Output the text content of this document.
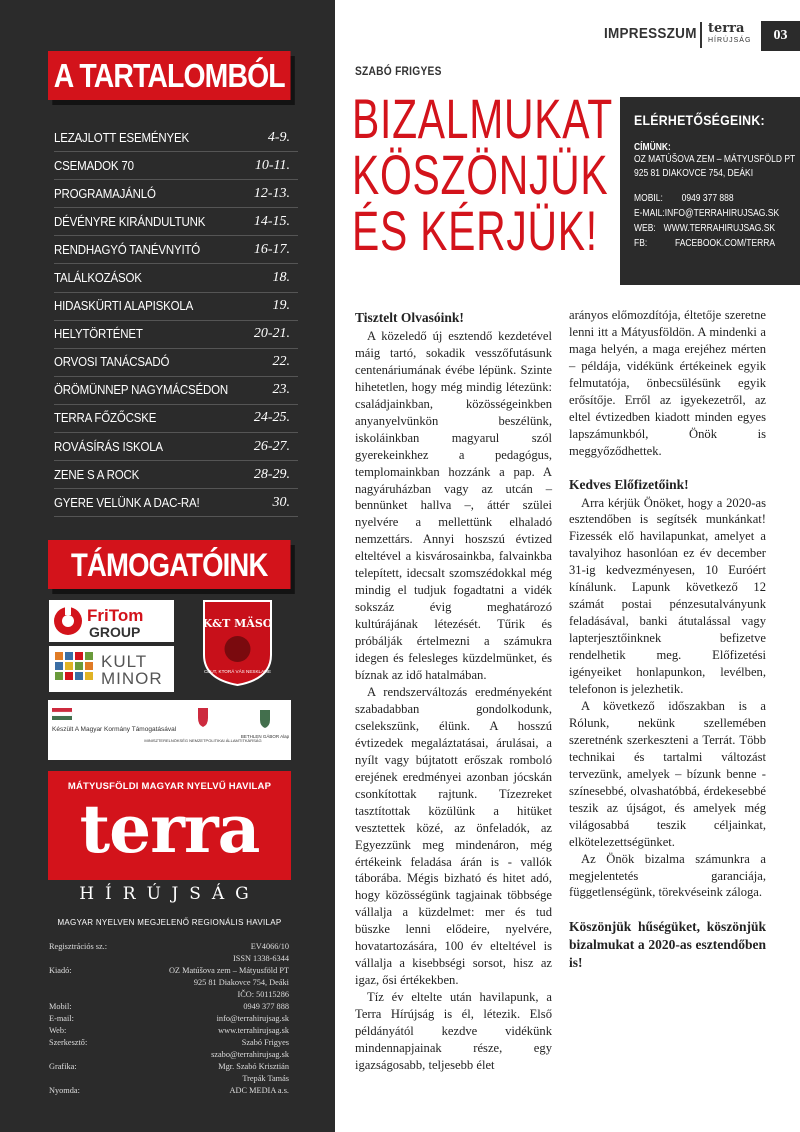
A TARTALOMBÓL
LEZAJLOTT ESEMÉNYEK	4-9.
CSEMADOK 70	10-11.
PROGRAMAJÁNLÓ	12-13.
DÉVÉNYRE KIRÁNDULTUNK	14-15.
RENDHAGYÓ TANÉVNYITÓ	16-17.
TALÁLKOZÁSOK	18.
HIDASKÜRTI ALAPISKOLA	19.
HELYTÖRTÉNET	20-21.
ORVOSI TANÁCSADÓ	22.
ÖRÖMÜNNEP NAGYMÁCSÉDON	23.
TERRA FŐZŐCSKE	24-25.
ROVÁSÍRÁS ISKOLA	26-27.
ZENE S A ROCK	28-29.
GYERE VELÜNK A DAC-RA!	30.
TÁMOGATÓINK
FriTom
GROUP
KULT
MINOR
K&T MÄSO
CBUT, KTORÁ VÁS NESKLAME
Készült A Magyar Kormány Támogatásával
MINISZTERELNÖKSÉG NEMZETPOLITIKAI ÁLLAMTITKÁRSÁG
BETHLEN GÁBOR Alap
MÁTYUSFÖLDI MAGYAR NYELVŰ HAVILAP
terra
HÍRÚJSÁG
MAGYAR NYELVEN MEGJELENŐ REGIONÁLIS HAVILAP
Regisztrációs sz.:	EV4066/10
ISSN 1338-6344
Kiadó:	OZ Matúšova zem – Mátyusföld PT
925 81 Diakovce 754, Deáki
IČO: 50115286
Mobil:	0949 377 888
E-mail:	info@terrahirujsag.sk
Web:	www.terrahirujsag.sk
Szerkesztő:	Szabó Frigyes
szabo@terrahirujsag.sk
Grafika:	Mgr. Szabó Krisztián
Trepák Tamás
Nyomda:	ADC MEDIA a.s.
IMPRESSZUM terra
HÍRÚJSÁG	03
SZABÓ FRIGYES
BIZALMUKAT
KÖSZÖNJÜK
ÉS KÉRJÜK!
ELÉRHETŐSÉGEINK:
CÍMÜNK:
OZ MATÚŠOVA ZEM – MÁTYUSFÖLD PT
925 81 DIAKOVCE 754, DEÁKI
MOBIL:	0949 377 888
E-MAIL: INFO@TERRAHIRUJSAG.SK
WEB: WWW.TERRAHIRUJSAG.SK
FB:	FACEBOOK.COM/TERRA

Tisztelt Olvasóink!

A közeledő új esztendő kezdetével máig tartó, sokadik vesszőfutásunk centenáriumának évébe lépünk. Szinte hihetetlen, hogy még mindig létezünk: családjainkban, közösségeinkben anyanyelvünkön beszélünk, iskoláinkban magyarul szól gyerekeinkhez a pedagógus, templomainkban hozzánk a pap. A nagyáruházban vagy az utcán – bennünket hallva –, áttér szülei nyelvére a mellettünk elhaladó nemzettárs. Annyi hoszszú évtized elteltével a kisvárosainkba, falvainkba telepített, idecsalt szomszédokkal még mindig el tudjuk fogadtatni a vidék sokszáz évig meghatározó kultúrájának létezését. Tűrik és próbálják értelmezni a számukra idegen és felesleges küzdelmünket, és bíznak az idő hatalmában.

A rendszerváltozás eredményeként szabadabban gondolkodunk, cselekszünk, élünk. A hosszú évtizedek megaláztatásai, árulásai, a nyílt vagy bújtatott erőszak romboló erejének eredményei azonban jócskán csonkítottak rajtunk. Tízezreket tasztítottak közülünk a hitüket vesztettek közé, az önfeladók, az Egyezzünk meg mindenáron, még értékeink feladása árán is - vallók táborába. Mégis bizható és hitet adó, hogy közösségünk tagjainak többsége vállalja a küzdelmet: mer és tud büszke lenni elődeire, nyelvére, hovatartozására, 100 év elteltével is vállalja a kisebbségi sorsot, hisz az igaz, ősi értékekben.

Tíz év eltelte után havilapunk, a Terra Hírújság is él, létezik. Első példányától kezdve vidékünk mindennapjainak része, egy igazságosabb, teljesebb élet

arányos előmozdítója, éltetője szeretne lenni itt a Mátyusföldön. A mindenki a maga helyén, a maga erejéhez mérten – példája, vidékünk értékeinek egyik felmutatója, önbecsülésünk egyik erősítője. Erről az igyekezetről, az eltel évtizedben kiadott minden egyes lapszámunkból, Önök is meggyőződhettek.

Kedves Előfizetőink!

Arra kérjük Önöket, hogy a 2020-as esztendőben is segítsék munkánkat! Fizessék elő havilapunkat, amelyet a tavalyihoz hasonlóan ez év december 31-ig kedvezményesen, 10 Euróért kínálunk. Lapunk következő 12 számát postai pénzesutalványunk feladásával, banki átutalással vagy lapterjesztőinknek befizetve rendelhetik meg. Előfizetési igényeiket honlapunkon, levélben, telefonon is jelezhetik.

A következő időszakban is a Rólunk, nekünk szellemében szeretnénk szerkeszteni a Terrát. Több technikai és tartalmi változást tervezünk, amelyek – bízunk benne - színesebbé, olvashatóbbá, érdekesebbé teszik az újságot, és amelyek még világosabbá teszik céljainkat, elkötelezettségünket.

Az Önök bizalma számunkra a megjelentetés garanciája, függetlenségünk, törekvéseink záloga.

Köszönjük hűségüket, köszönjük bizalmukat a 2020-as esztendőben is!
